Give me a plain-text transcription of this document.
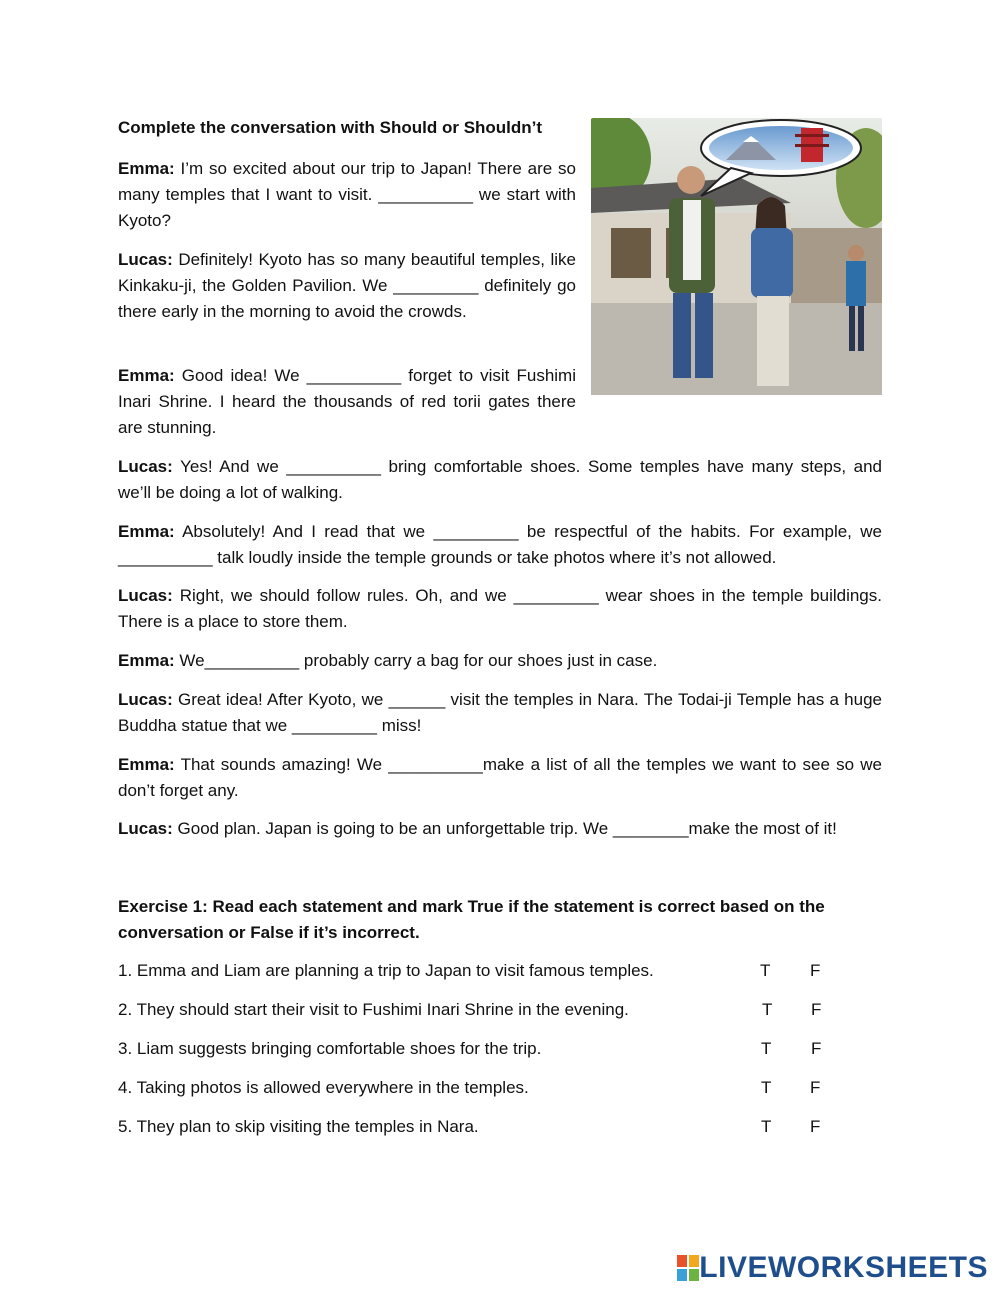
Complete the conversation with Should or Shouldn’t
Emma: I’m so excited about our trip to Japan! There are so many temples that I want to visit. __________ we start with Kyoto?
Lucas: Definitely! Kyoto has so many beautiful temples, like Kinkaku-ji, the Golden Pavilion. We _________ definitely go there early in the morning to avoid the crowds.
Emma: Good idea! We __________ forget to visit Fushimi Inari Shrine. I heard the thousands of red torii gates there are stunning.
Lucas: Yes! And we __________ bring comfortable shoes. Some temples have many steps, and we’ll be doing a lot of walking.
Emma: Absolutely! And I read that we _________ be respectful of the habits. For example, we __________ talk loudly inside the temple grounds or take photos where it’s not allowed.
Lucas: Right, we should follow rules. Oh, and we _________ wear shoes in the temple buildings. There is a place to store them.
Emma: We__________ probably carry a bag for our shoes just in case.
Lucas: Great idea! After Kyoto, we ______ visit the temples in Nara. The Todai-ji Temple has a huge Buddha statue that we _________ miss!
Emma: That sounds amazing! We __________make a list of all the temples we want to see so we don’t forget any.
Lucas: Good plan. Japan is going to be an unforgettable trip. We ________make the most of it!
Exercise 1: Read each statement and mark True if the statement is correct based on the conversation or False if it’s incorrect.
1. Emma and Liam are planning a trip to Japan to visit famous temples.	T F
2. They should start their visit to Fushimi Inari Shrine in the evening.	T F
3. Liam suggests bringing comfortable shoes for the trip.	T F
4. Taking photos is allowed everywhere in the temples.	T F
5. They plan to skip visiting the temples in Nara.	T F
LIVEWORKSHEETS
